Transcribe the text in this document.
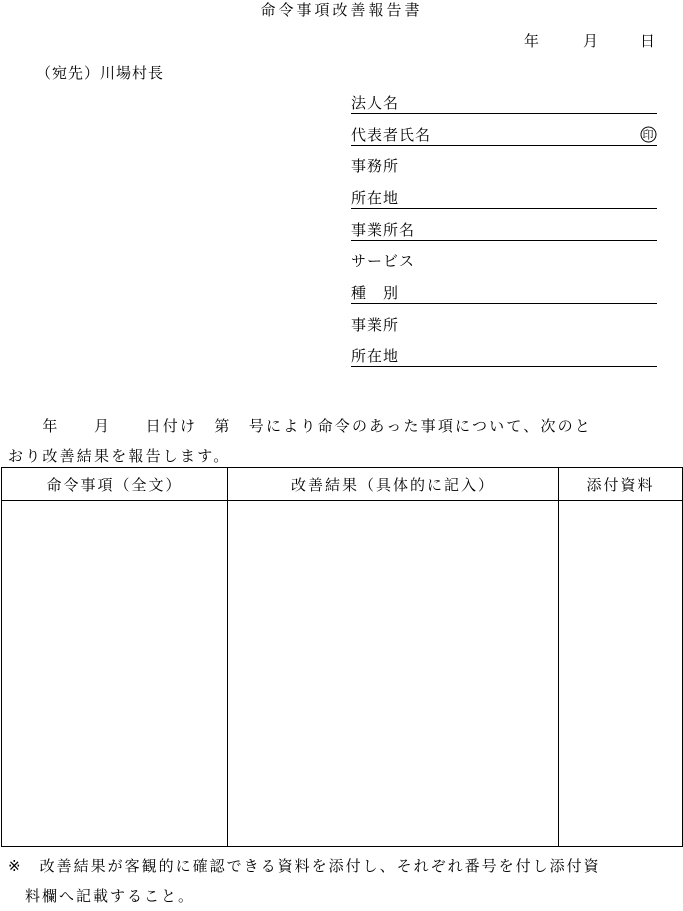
命令事項改善報告書
年	月	日
（宛先）川場村長
法人名
代表者氏名	印
事務所
所在地
事業所名
サービス
種　別
事業所
所在地
　　年　　月　　日付け　第　号により命令のあった事項について、次のと
おり改善結果を報告します。
命令事項（全文）	改善結果（具体的に記入）	添付資料

※　改善結果が客観的に確認できる資料を添付し、それぞれ番号を付し添付資
　料欄へ記載すること。
